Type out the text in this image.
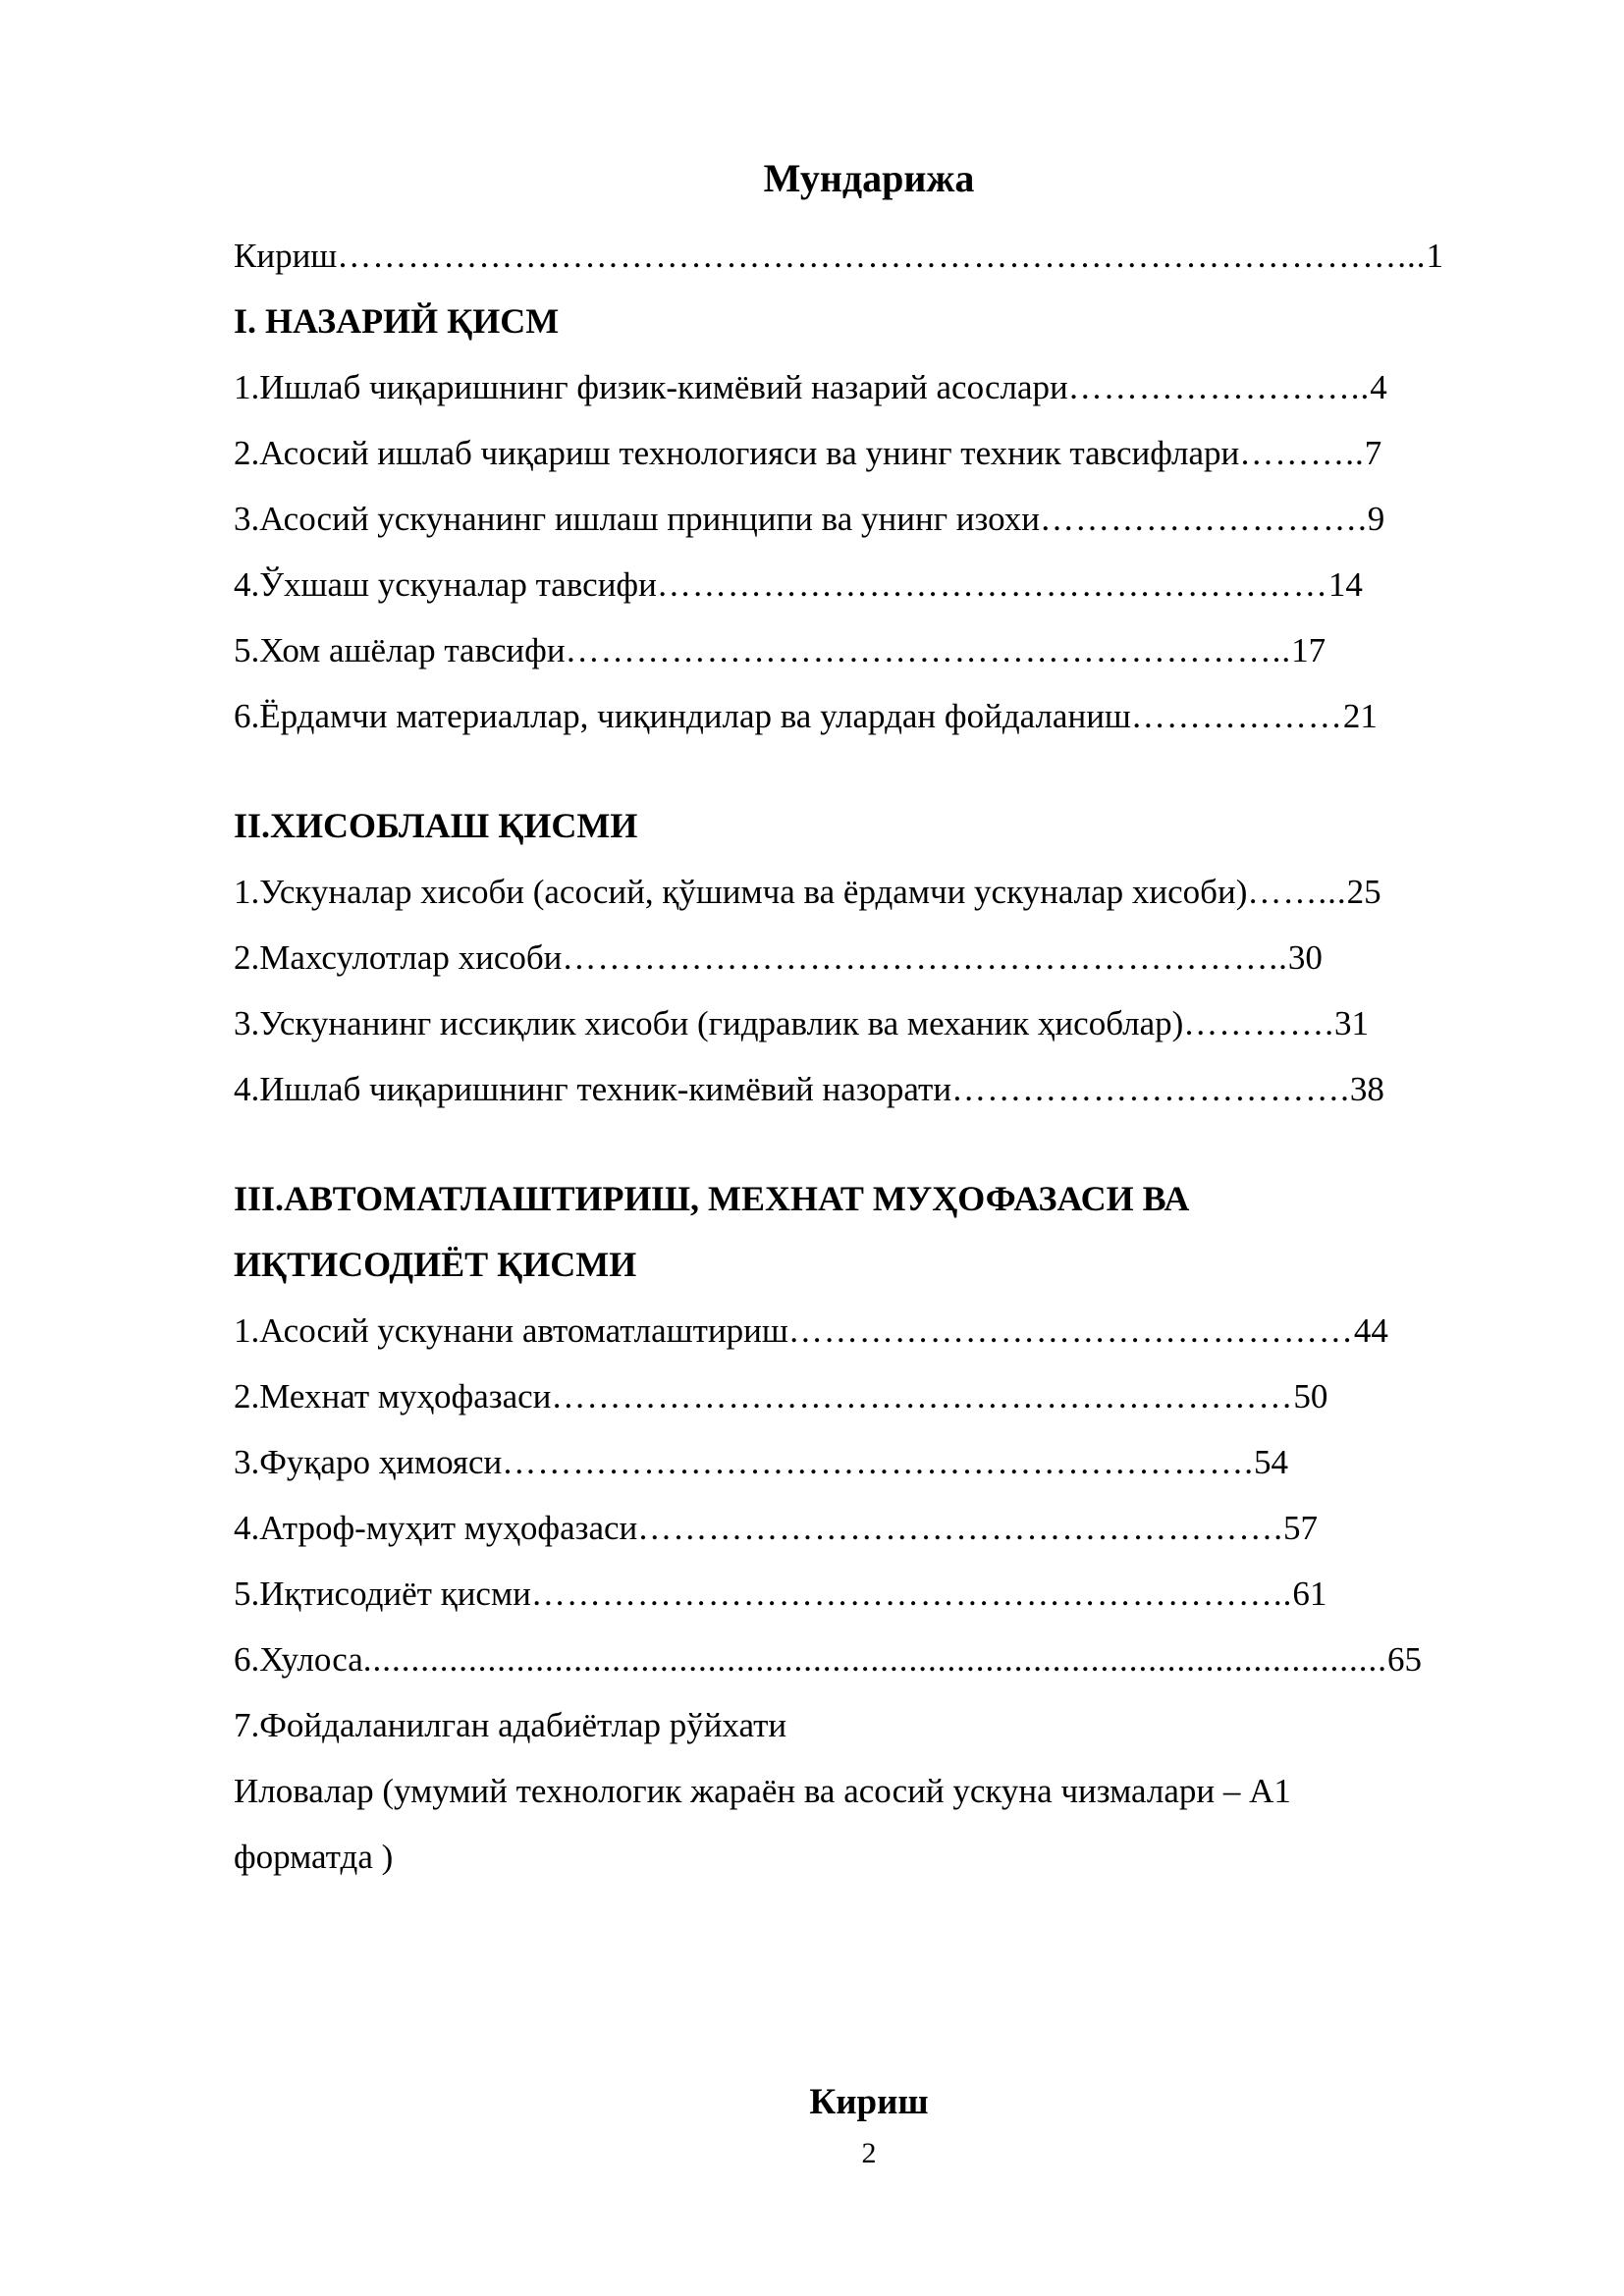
Мундарижа
Кириш………………………………………………………………………………...1
I. НАЗАРИЙ ҚИСМ
1.Ишлаб чиқаришнинг физик-кимёвий назарий асослари……………………..4
2.Асосий ишлаб чиқариш технологияси ва унинг техник тавсифлари………..7
3.Асосий ускунанинг ишлаш принципи ва унинг изохи……………………….9
4.Ўхшаш ускуналар тавсифи…………………………………………………14
5.Хом ашёлар тавсифи……………………………………………………..17
6.Ёрдамчи материаллар, чиқиндилар ва улардан фойдаланиш………………21
II.ХИСОБЛАШ ҚИСМИ
1.Ускуналар хисоби (асосий, қўшимча ва ёрдамчи ускуналар хисоби)……...25
2.Махсулотлар хисоби……………………………………………………..30
3.Ускунанинг иссиқлик хисоби (гидравлик ва механик ҳисоблар)………….31
4.Ишлаб чиқаришнинг техник-кимёвий назорати…………………………….38
III.АВТОМАТЛАШТИРИШ, МЕХНАТ МУҲОФАЗАСИ ВА
ИҚТИСОДИЁТ ҚИСМИ
1.Асосий ускунани автоматлаштириш…………………………………………44
2.Мехнат муҳофазаси………………………………………………………50
3.Фуқаро ҳимояси……………………………………………………….54
4.Атроф-муҳит муҳофазаси……………………………………………….57
5.Иқтисодиёт қисми………………………………………………………..61
6.Хулоса...........................................................................................................65
7.Фойдаланилган адабиётлар рўйхати
Иловалар (умумий технологик жараён ва асосий ускуна чизмалари – А1
форматда )
Кириш
2
